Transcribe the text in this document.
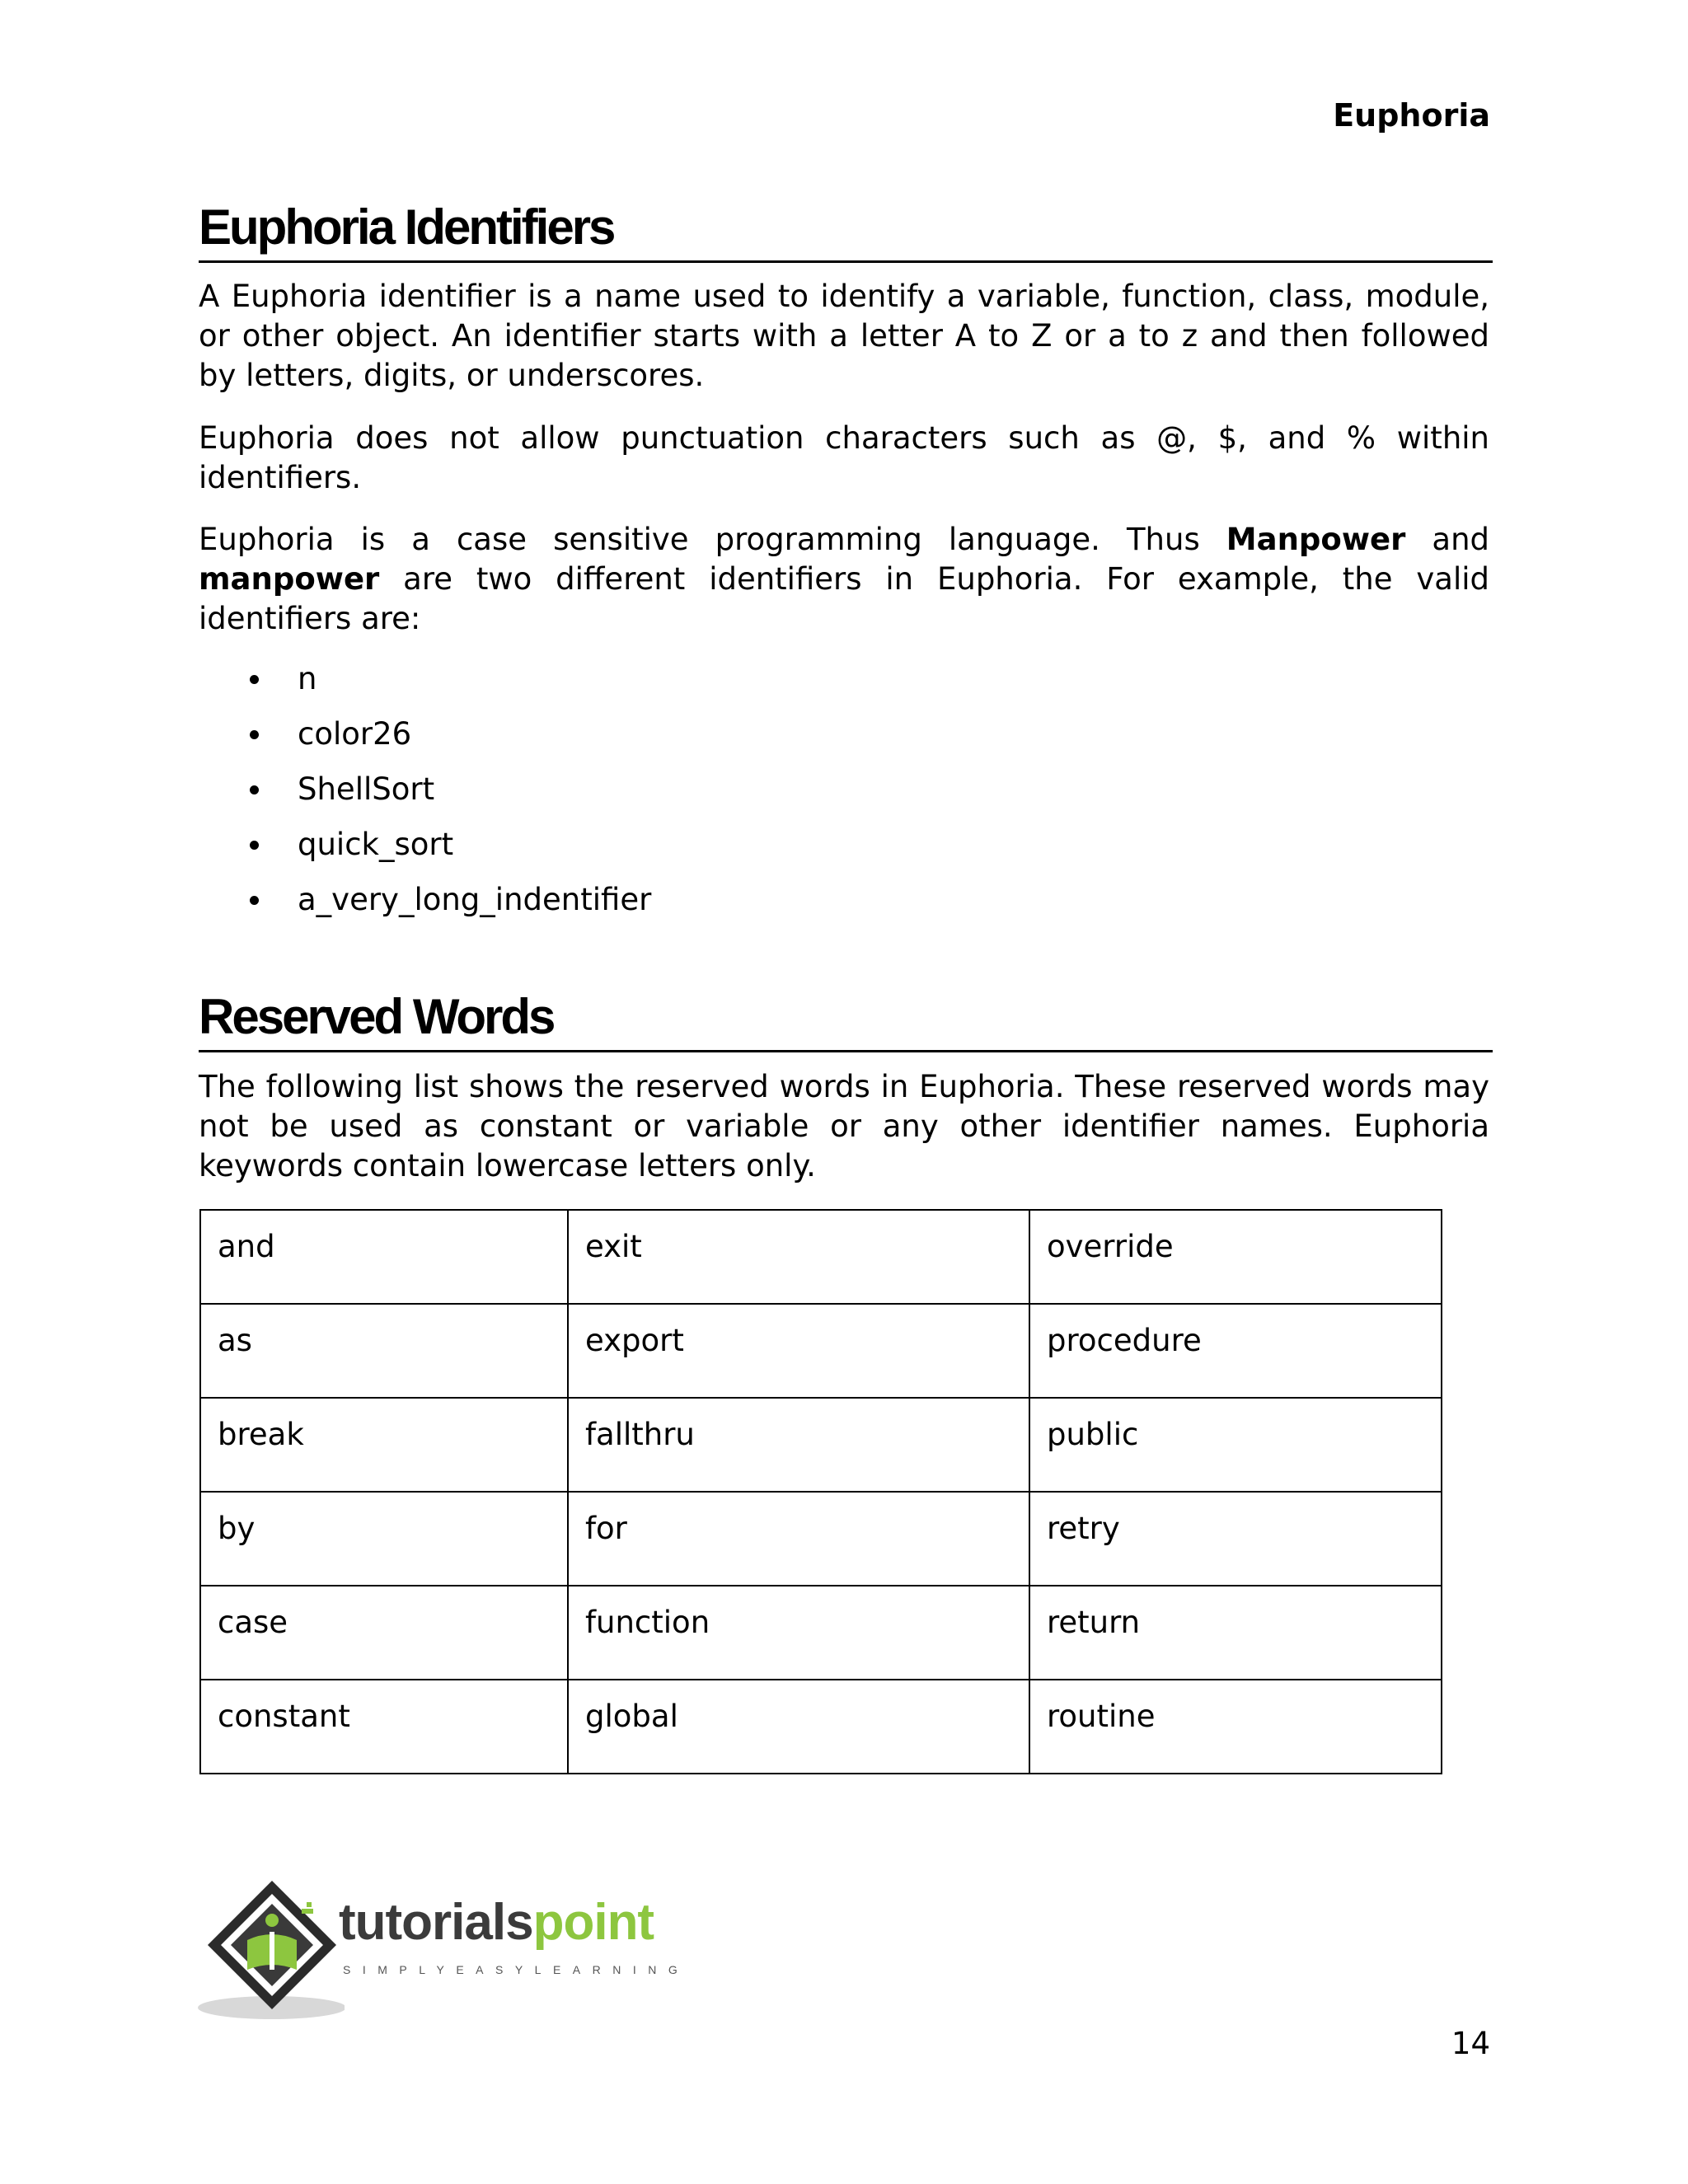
Euphoria
Euphoria Identifiers

A Euphoria identifier is a name used to identify a variable, function, class, module, or other object. An identifier starts with a letter A to Z or a to z and then followed by letters, digits, or underscores.

Euphoria does not allow punctuation characters such as @, $, and % within identifiers.

Euphoria is a case sensitive programming language. Thus Manpower and manpower are two different identifiers in Euphoria. For example, the valid identifiers are:

n
color26
ShellSort
quick_sort
a_very_long_indentifier
Reserved Words

The following list shows the reserved words in Euphoria. These reserved words may not be used as constant or variable or any other identifier names. Euphoria keywords contain lowercase letters only.

and	exit	override
as	export	procedure
break	fallthru	public
by	for	retry
case	function	return
constant	global	routine
tutorialspoint
SIMPLYEASYLEARNING
14
